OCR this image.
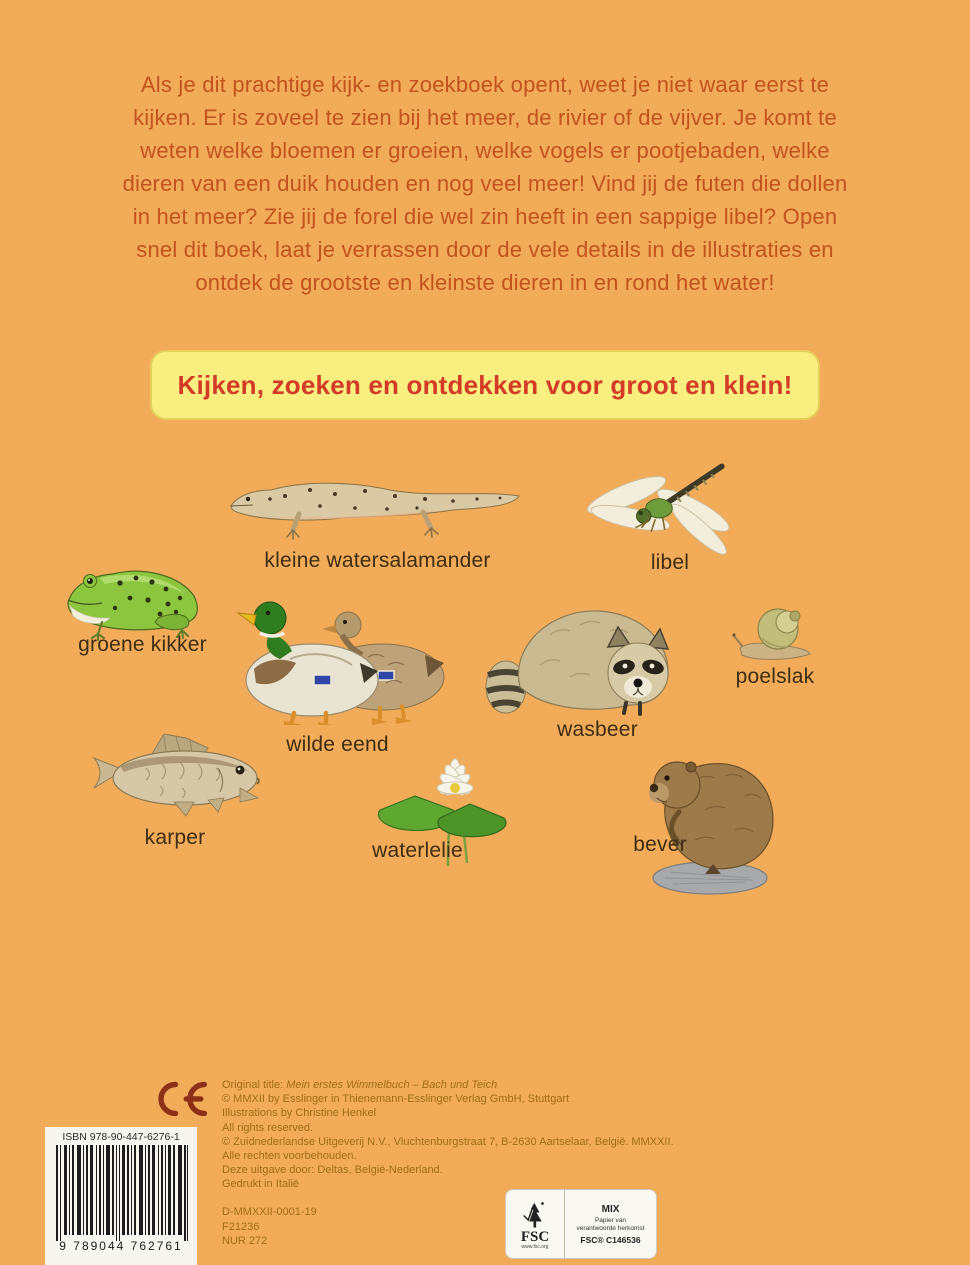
Als je dit prachtige kijk- en zoekboek opent, weet je niet waar eerst te
kijken. Er is zoveel te zien bij het meer, de rivier of de vijver. Je komt te
weten welke bloemen er groeien, welke vogels er pootjebaden, welke
dieren van een duik houden en nog veel meer! Vind jij de futen die dollen
in het meer? Zie jij de forel die wel zin heeft in een sappige libel? Open
snel dit boek, laat je verrassen door de vele details in de illustraties en
ontdek de grootste en kleinste dieren in en rond het water!
Kijken, zoeken en ontdekken voor groot en klein!
kleine watersalamander	libel
groene kikker
wilde eend
wasbeer
poelslak
karper
waterlelie	bever
Original title: Mein erstes Wimmelbuch – Bach und Teich
© MMXII by Esslinger in Thienemann-Esslinger Verlag GmbH, Stuttgart
Illustrations by Christine Henkel
All rights reserved.
© Zuidnederlandse Uitgeverij N.V., Vluchtenburgstraat 7, B-2630 Aartselaar, België. MMXXII.
Alle rechten voorbehouden.
Deze uitgave door: Deltas, België-Nederland.
Gedrukt in Italië
D-MMXXII-0001-19
F21236
NUR 272
ISBN 978-90-447-6276-1
9 789044 762761
FSC
www.fsc.org
MIX
Papier van
verantwoorde herkomst
FSC® C146536
